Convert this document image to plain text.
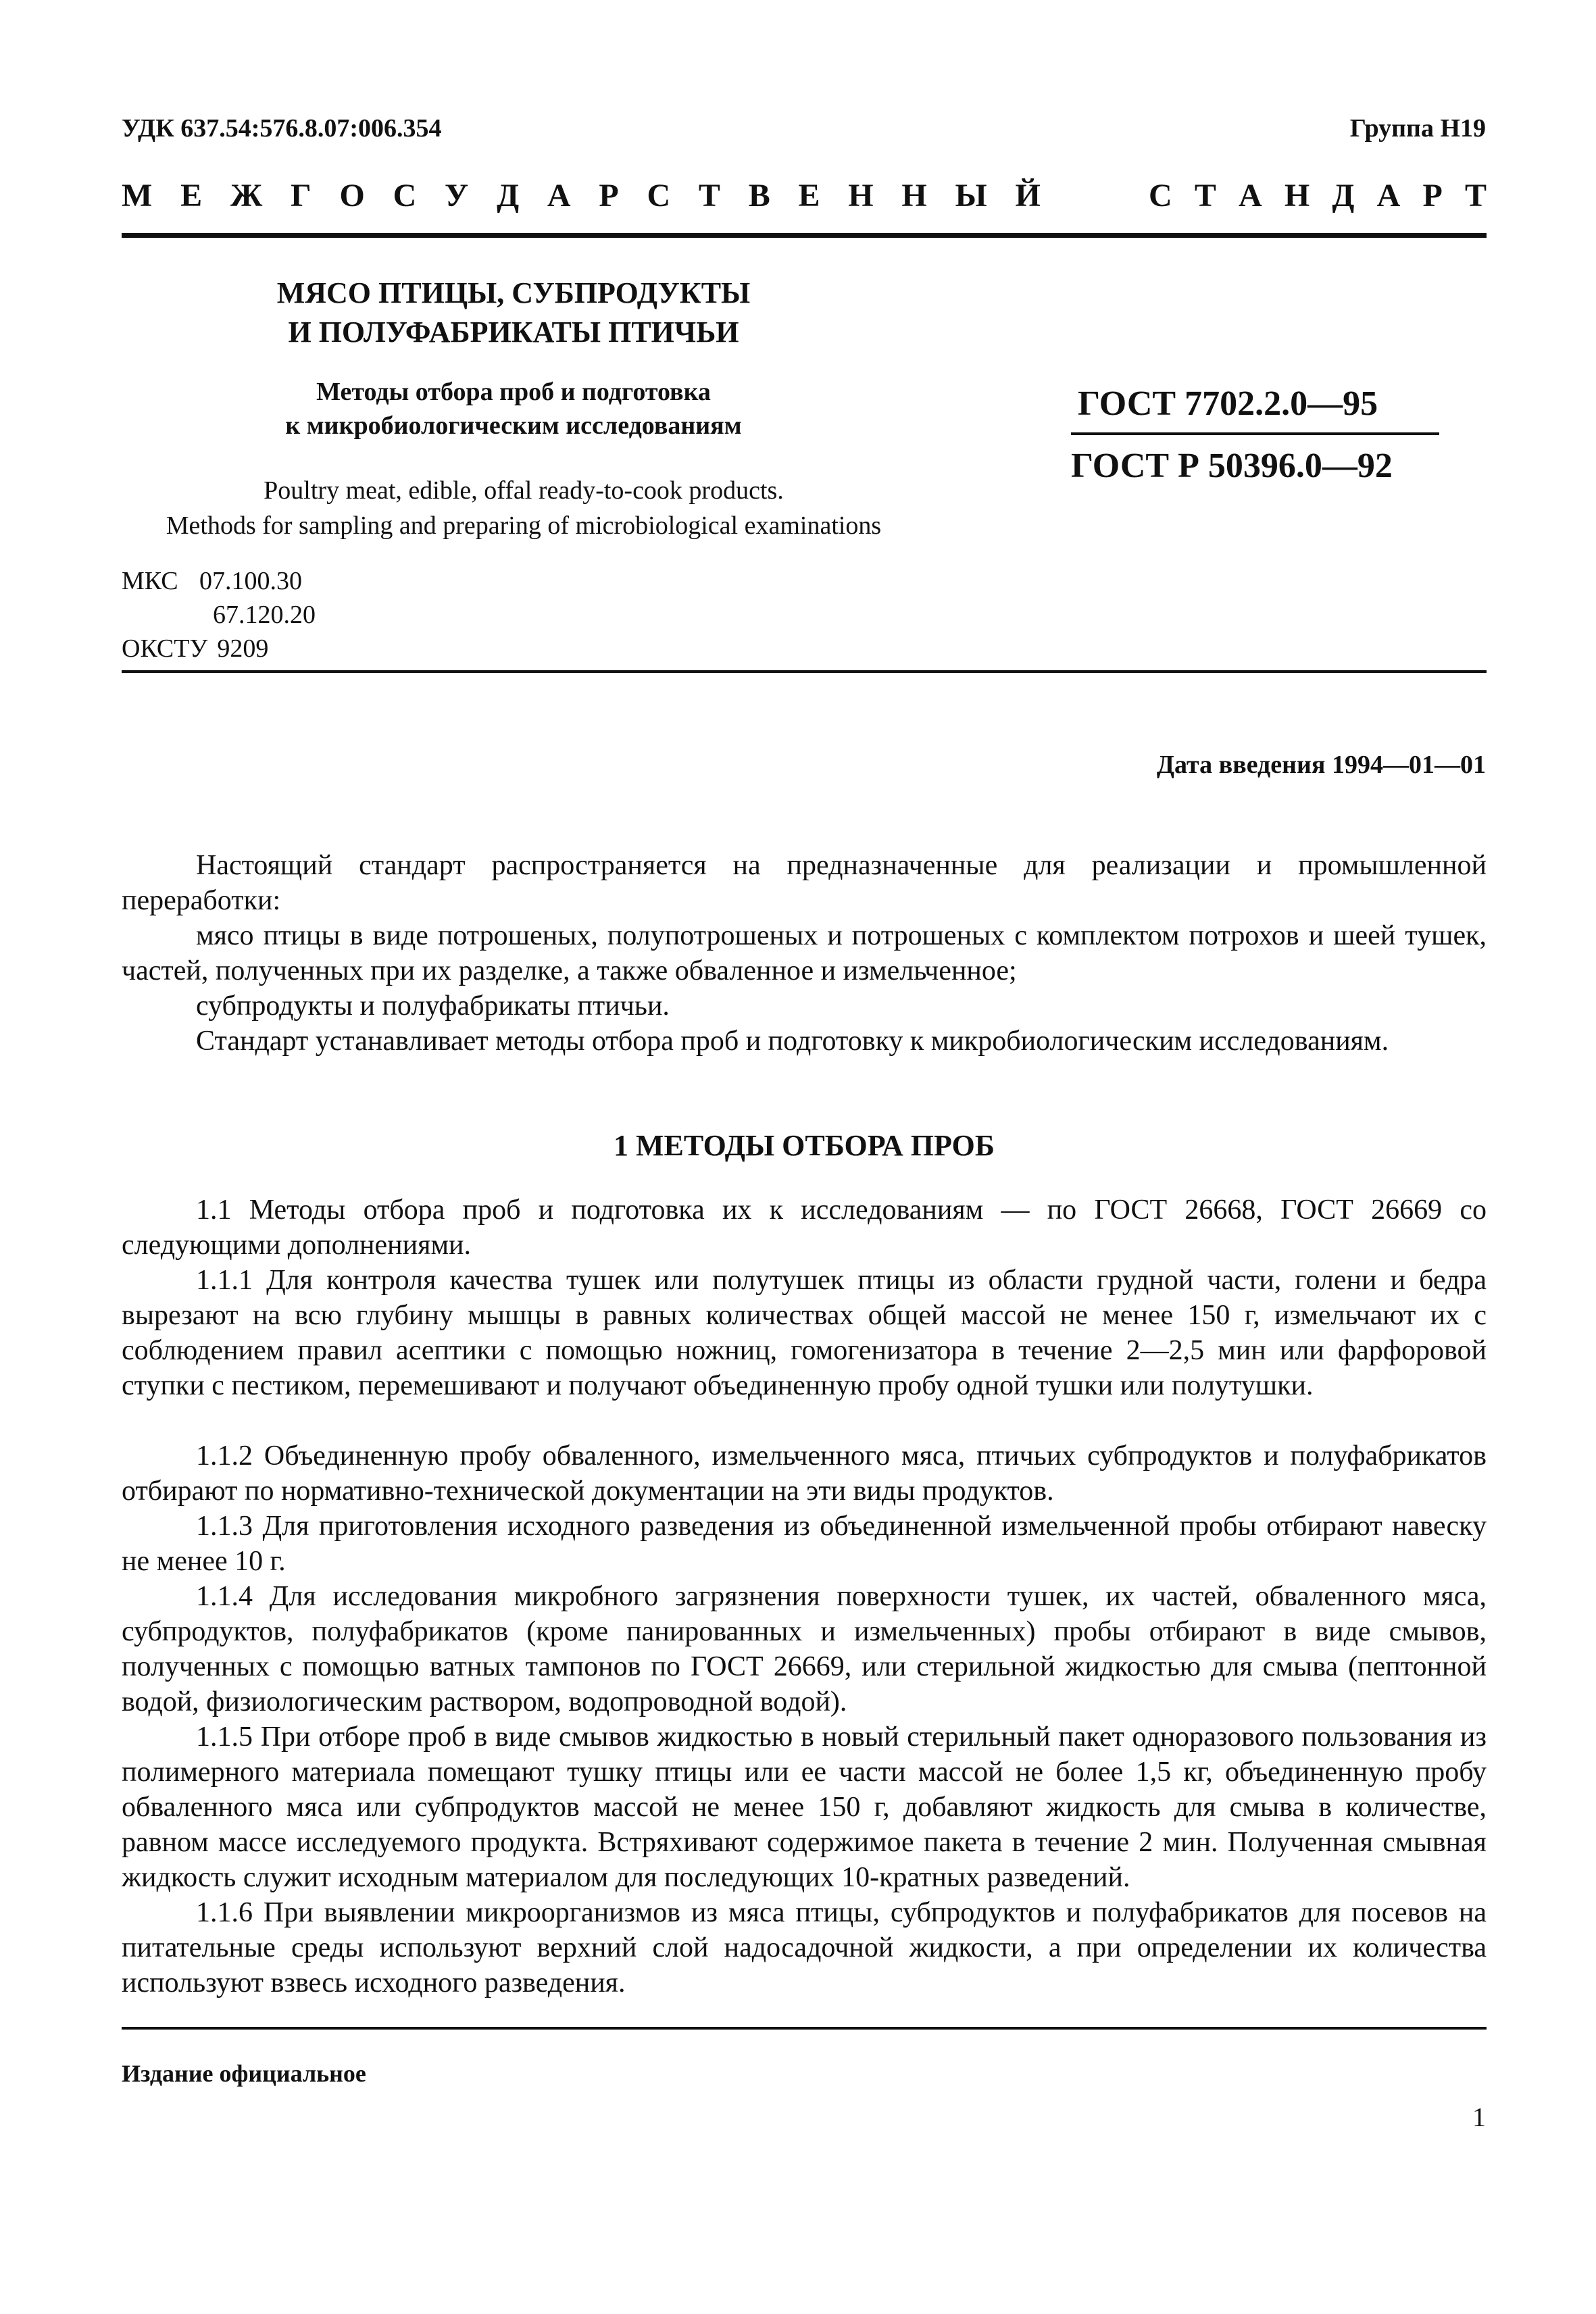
УДК 637.54:576.8.07:006.354	Группа Н19
М Е Ж Г О С У Д А Р С Т В Е Н Н Ы Й	С Т А Н Д А Р Т
МЯСО ПТИЦЫ, СУБПРОДУКТЫ
И ПОЛУФАБРИКАТЫ ПТИЧЬИ
Методы отбора проб и подготовка
к микробиологическим исследованиям
Poultry meat, edible, offal ready-to-cook products.
Methods for sampling and preparing of microbiological examinations
ГОСТ 7702.2.0—95
ГОСТ Р 50396.0—92
МКС 07.100.30
67.120.20
ОКСТУ 9209
Дата введения 1994—01—01
Настоящий стандарт распространяется на предназначенные для реализации и промышленной переработки:
мясо птицы в виде потрошеных, полупотрошеных и потрошеных с комплектом потрохов и шеей тушек, частей, полученных при их разделке, а также обваленное и измельченное;
субпродукты и полуфабрикаты птичьи.
Стандарт устанавливает методы отбора проб и подготовку к микробиологическим исследованиям.
1 МЕТОДЫ ОТБОРА ПРОБ
1.1 Методы отбора проб и подготовка их к исследованиям — по ГОСТ 26668, ГОСТ 26669 со следующими дополнениями.
1.1.1 Для контроля качества тушек или полутушек птицы из области грудной части, голени и бедра вырезают на всю глубину мышцы в равных количествах общей массой не менее 150 г, измельчают их с соблюдением правил асептики с помощью ножниц, гомогенизатора в течение 2—2,5 мин или фарфоровой ступки с пестиком, перемешивают и получают объединенную пробу одной тушки или полутушки.
1.1.2 Объединенную пробу обваленного, измельченного мяса, птичьих субпродуктов и полуфабрикатов отбирают по нормативно-технической документации на эти виды продуктов.
1.1.3 Для приготовления исходного разведения из объединенной измельченной пробы отбирают навеску не менее 10 г.
1.1.4 Для исследования микробного загрязнения поверхности тушек, их частей, обваленного мяса, субпродуктов, полуфабрикатов (кроме панированных и измельченных) пробы отбирают в виде смывов, полученных с помощью ватных тампонов по ГОСТ 26669, или стерильной жидкостью для смыва (пептонной водой, физиологическим раствором, водопроводной водой).
1.1.5 При отборе проб в виде смывов жидкостью в новый стерильный пакет одноразового пользования из полимерного материала помещают тушку птицы или ее части массой не более 1,5 кг, объединенную пробу обваленного мяса или субпродуктов массой не менее 150 г, добавляют жидкость для смыва в количестве, равном массе исследуемого продукта. Встряхивают содержимое пакета в течение 2 мин. Полученная смывная жидкость служит исходным материалом для последующих 10-кратных разведений.
1.1.6 При выявлении микроорганизмов из мяса птицы, субпродуктов и полуфабрикатов для посевов на питательные среды используют верхний слой надосадочной жидкости, а при определении их количества используют взвесь исходного разведения.
Издание официальное
1
